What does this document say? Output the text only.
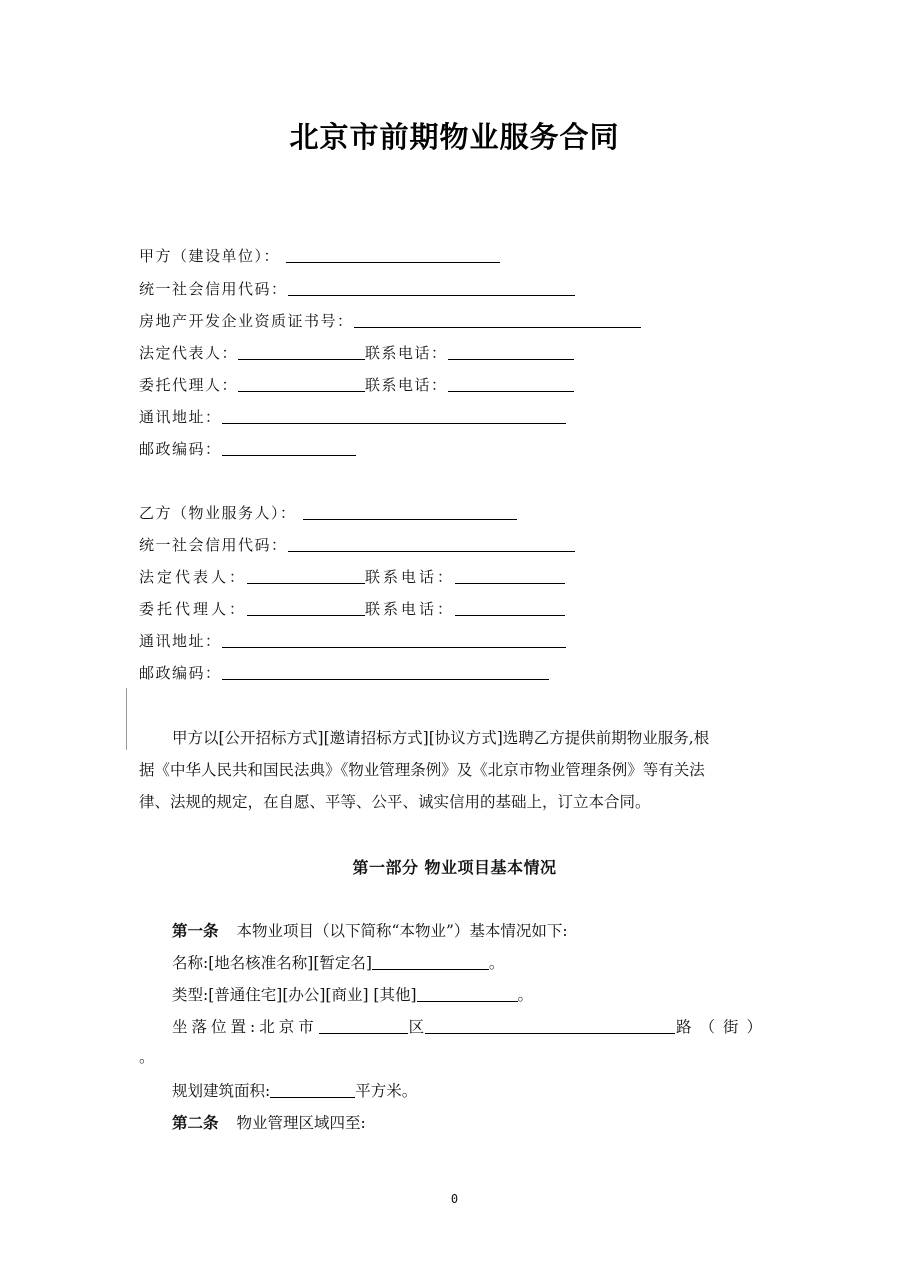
北京市前期物业服务合同
甲方（建设单位）：
统一社会信用代码：
房地产开发企业资质证书号：
法定代表人：	联系电话：
委托代理人：	联系电话：
通讯地址：
邮政编码：
乙方（物业服务人）：
统一社会信用代码：
法定代表人：	联系电话：
委托代理人：	联系电话：
通讯地址：
邮政编码：
甲方以[公开招标方式][邀请招标方式][协议方式]选聘乙方提供前期物业服务,根
据《中华人民共和国民法典》《物业管理条例》及《北京市物业管理条例》等有关法
律、法规的规定，在自愿、平等、公平、诚实信用的基础上，订立本合同。
第一部分 物业项目基本情况
第一条 本物业项目（以下简称“本物业”）基本情况如下:
名称:[地名核准名称][暂定名]	。
类型:[普通住宅][办公][商业] [其他]	。
坐落位置:北京市	区	路（街）
。
规划建筑面积:	平方米。
第二条 物业管理区域四至:
0
